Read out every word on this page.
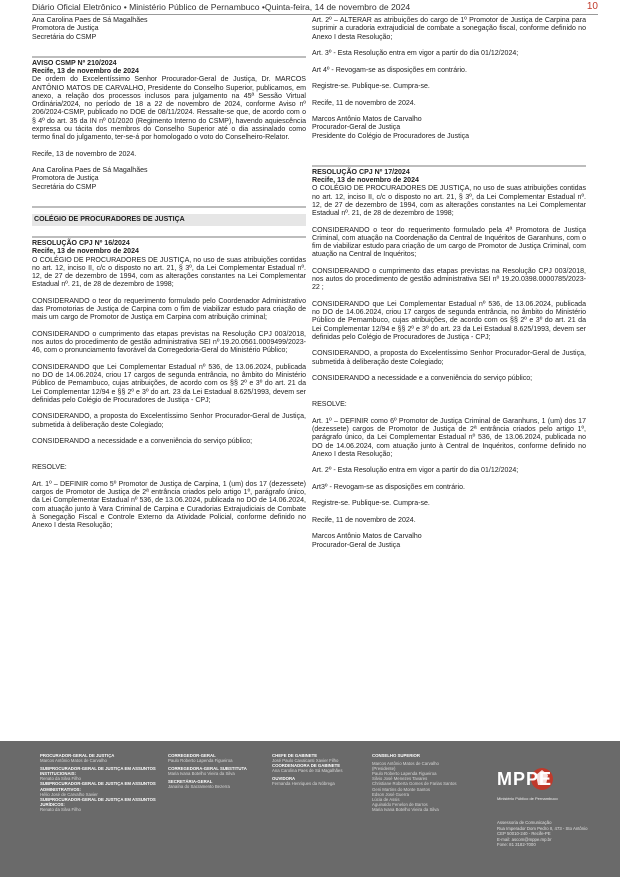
Diário Oficial Eletrônico • Ministério Público de Pernambuco •Quinta-feira, 14 de novembro de 2024	10
Ana Carolina Paes de Sá Magalhães
Promotora de Justiça
Secretária do CSMP
AVISO CSMP Nº 210/2024
Recife, 13 de novembro de 2024

De ordem do Excelentíssimo Senhor Procurador-Geral de Justiça, Dr. MARCOS ANTÔNIO MATOS DE CARVALHO, Presidente do Conselho Superior, publicamos, em anexo, a relação dos processos inclusos para julgamento na 45ª Sessão Virtual Ordinária/2024, no período de 18 a 22 de novembro de 2024, conforme Aviso nº 206/2024-CSMP, publicado no DOE de 08/11/2024. Ressalte-se que, de acordo com o § 4º do art. 35 da IN nº 01/2020 (Regimento Interno do CSMP), havendo aquiescência expressa ou tácita dos membros do Conselho Superior até o dia assinalado como termo final do julgamento, ter-se-á por homologado o voto do Conselheiro-Relator.

Recife, 13 de novembro de 2024.

Ana Carolina Paes de Sá Magalhães
Promotora de Justiça
Secretária do CSMP
COLÉGIO DE PROCURADORES DE JUSTIÇA
RESOLUÇÃO CPJ Nº 16/2024
Recife, 13 de novembro de 2024

O COLÉGIO DE PROCURADORES DE JUSTIÇA, no uso de suas atribuições contidas no art. 12, inciso II, c/c o disposto no art. 21, § 3º, da Lei Complementar Estadual nº. 12, de 27 de dezembro de 1994, com as alterações constantes na Lei Complementar Estadual nº. 21, de 28 de dezembro de 1998;

CONSIDERANDO o teor do requerimento formulado pelo Coordenador Administrativo das Promotorias de Justiça de Carpina com o fim de viabilizar estudo para criação de mais um cargo de Promotor de Justiça em Carpina com atribuição criminal;

CONSIDERANDO o cumprimento das etapas previstas na Resolução CPJ 003/2018, nos autos do procedimento de gestão administrativa SEI nº.19.20.0561.0009499/2023-46, com o pronunciamento favorável da Corregedoria-Geral do Ministério Público;

CONSIDERANDO que Lei Complementar Estadual nº 536, de 13.06.2024, publicada no DO de 14.06.2024, criou 17 cargos de segunda entrância, no âmbito do Ministério Público de Pernambuco, cujas atribuições, de acordo com os §§ 2º e 3º do art. 21 da Lei Complementar 12/94 e §§ 2º e 3º do art. 23 da Lei Estadual 8.625/1993, devem ser definidas pelo Colégio de Procuradores de Justiça - CPJ;

CONSIDERANDO, a proposta do Excelentíssimo Senhor Procurador-Geral de Justiça, submetida à deliberação deste Colegiado;

CONSIDERANDO a necessidade e a conveniência do serviço público;

RESOLVE:

Art. 1º – DEFINIR como 5º Promotor de Justiça de Carpina, 1 (um) dos 17 (dezessete) cargos de Promotor de Justiça de 2ª entrância criados pelo artigo 1º, parágrafo único, da Lei Complementar Estadual nº 536, de 13.06.2024, publicada no DO de 14.06.2024, com atuação junto à Vara Criminal de Carpina e Curadorias Extrajudiciais de Combate à Sonegação Fiscal e Controle Externo da Atividade Policial, conforme definido no Anexo I desta Resolução;

Art. 2º – ALTERAR as atribuições do cargo de 1º Promotor de Justiça de Carpina para suprimir a curadoria extrajudicial de combate a sonegação fiscal, conforme definido no Anexo I desta Resolução;

Art. 3º - Esta Resolução entra em vigor a partir do dia 01/12/2024;

Art 4º - Revogam-se as disposições em contrário.

Registre-se. Publique-se. Cumpra-se.

Recife, 11 de novembro de 2024.

Marcos Antônio Matos de Carvalho
Procurador-Geral de Justiça
Presidente do Colégio de Procuradores de Justiça
RESOLUÇÃO CPJ Nº 17/2024
Recife, 13 de novembro de 2024

O COLÉGIO DE PROCURADORES DE JUSTIÇA, no uso de suas atribuições contidas no art. 12, inciso II, c/c o disposto no art. 21, § 3º, da Lei Complementar Estadual nº. 12, de 27 de dezembro de 1994, com as alterações constantes na Lei Complementar Estadual nº. 21, de 28 de dezembro de 1998;

CONSIDERANDO o teor do requerimento formulado pela 4ª Promotora de Justiça Criminal, com atuação na Coordenação da Central de Inquéritos de Garanhuns, com o fim de viabilizar estudo para criação de um cargo de Promotor de Justiça Criminal, com atuação na Central de Inquéritos;

CONSIDERANDO o cumprimento das etapas previstas na Resolução CPJ 003/2018, nos autos do procedimento de gestão administrativa SEI nº 19.20.0398.0000785/2023-22 ;

CONSIDERANDO que Lei Complementar Estadual nº 536, de 13.06.2024, publicada no DO de 14.06.2024, criou 17 cargos de segunda entrância, no âmbito do Ministério Público de Pernambuco, cujas atribuições, de acordo com os §§ 2º e 3º do art. 21 da Lei Complementar 12/94 e §§ 2º e 3º do art. 23 da Lei Estadual 8.625/1993, devem ser definidas pelo Colégio de Procuradores de Justiça - CPJ;

CONSIDERANDO, a proposta do Excelentíssimo Senhor Procurador-Geral de Justiça, submetida à deliberação deste Colegiado;

CONSIDERANDO a necessidade e a conveniência do serviço público;

RESOLVE:

Art. 1º – DEFINIR como 6º Promotor de Justiça Criminal de Garanhuns, 1 (um) dos 17 (dezessete) cargos de Promotor de Justiça de 2ª entrância criados pelo artigo 1º, parágrafo único, da Lei Complementar Estadual nº 536, de 13.06.2024, publicada no DO de 14.06.2024, com atuação junto à Central de Inquéritos, conforme definido no Anexo I desta Resolução;

Art. 2º - Esta Resolução entra em vigor a partir do dia 01/12/2024;

Art3º - Revogam-se as disposições em contrário.

Registre-se. Publique-se. Cumpra-se.

Recife, 11 de novembro de 2024.

Marcos Antônio Matos de Carvalho
Procurador-Geral de Justiça
PROCURADOR-GERAL DE JUSTIÇA
Marcos Antônio Matos de Carvalho
SUBPROCURADOR-GERAL DE JUSTIÇA EM ASSUNTOS INSTITUCIONAIS:
Renato da Silva Filho
SUBPROCURADOR-GERAL DE JUSTIÇA EM ASSUNTOS ADMINISTRATIVOS:
Hélio José de Carvalho Xavier
SUBPROCURADOR-GERAL DE JUSTIÇA EM ASSUNTOS JURÍDICOS:
Renato da Silva Filho
CORREGEDOR-GERAL
Paulo Roberto Lapenda Figueiroa
CORREGEDORA-GERAL SUBSTITUTA
Maria Ivana Botelho Vieira da Silva
SECRETÁRIA-GERAL
Janaína do Sacramento Bezerra
CHEFE DE GABINETE
José Paulo Cavalcanti Xavier Filho
COORDENADORA DE GABINETE
Ana Carolina Paes de Sá Magalhães
OUVIDORA
Fernanda Henriques da Nóbrega
CONSELHO SUPERIOR
Marcos Antônio Matos de Carvalho
(Presidente)
Paulo Roberto Lapenda Figueiroa
Silvio José Menezes Tavares
Christiane Roberta Gomes de Farias Santos
Geni Martins do Monte Santos
Edson José Guerra
Lúcia de Assis
Aguinaldo Fenelon de Barros
Maria Ivana Botelho Vieira da Silva
MPPE
Ministério Público de Pernambuco
Assessoria de Comunicação
Rua Imperador Dom Pedro II, 473 - Sto Antônio
CEP 50010-240 - Recife-PE
E-mail: ascom@mppe.mp.br
Fone: 81 3182-7000
